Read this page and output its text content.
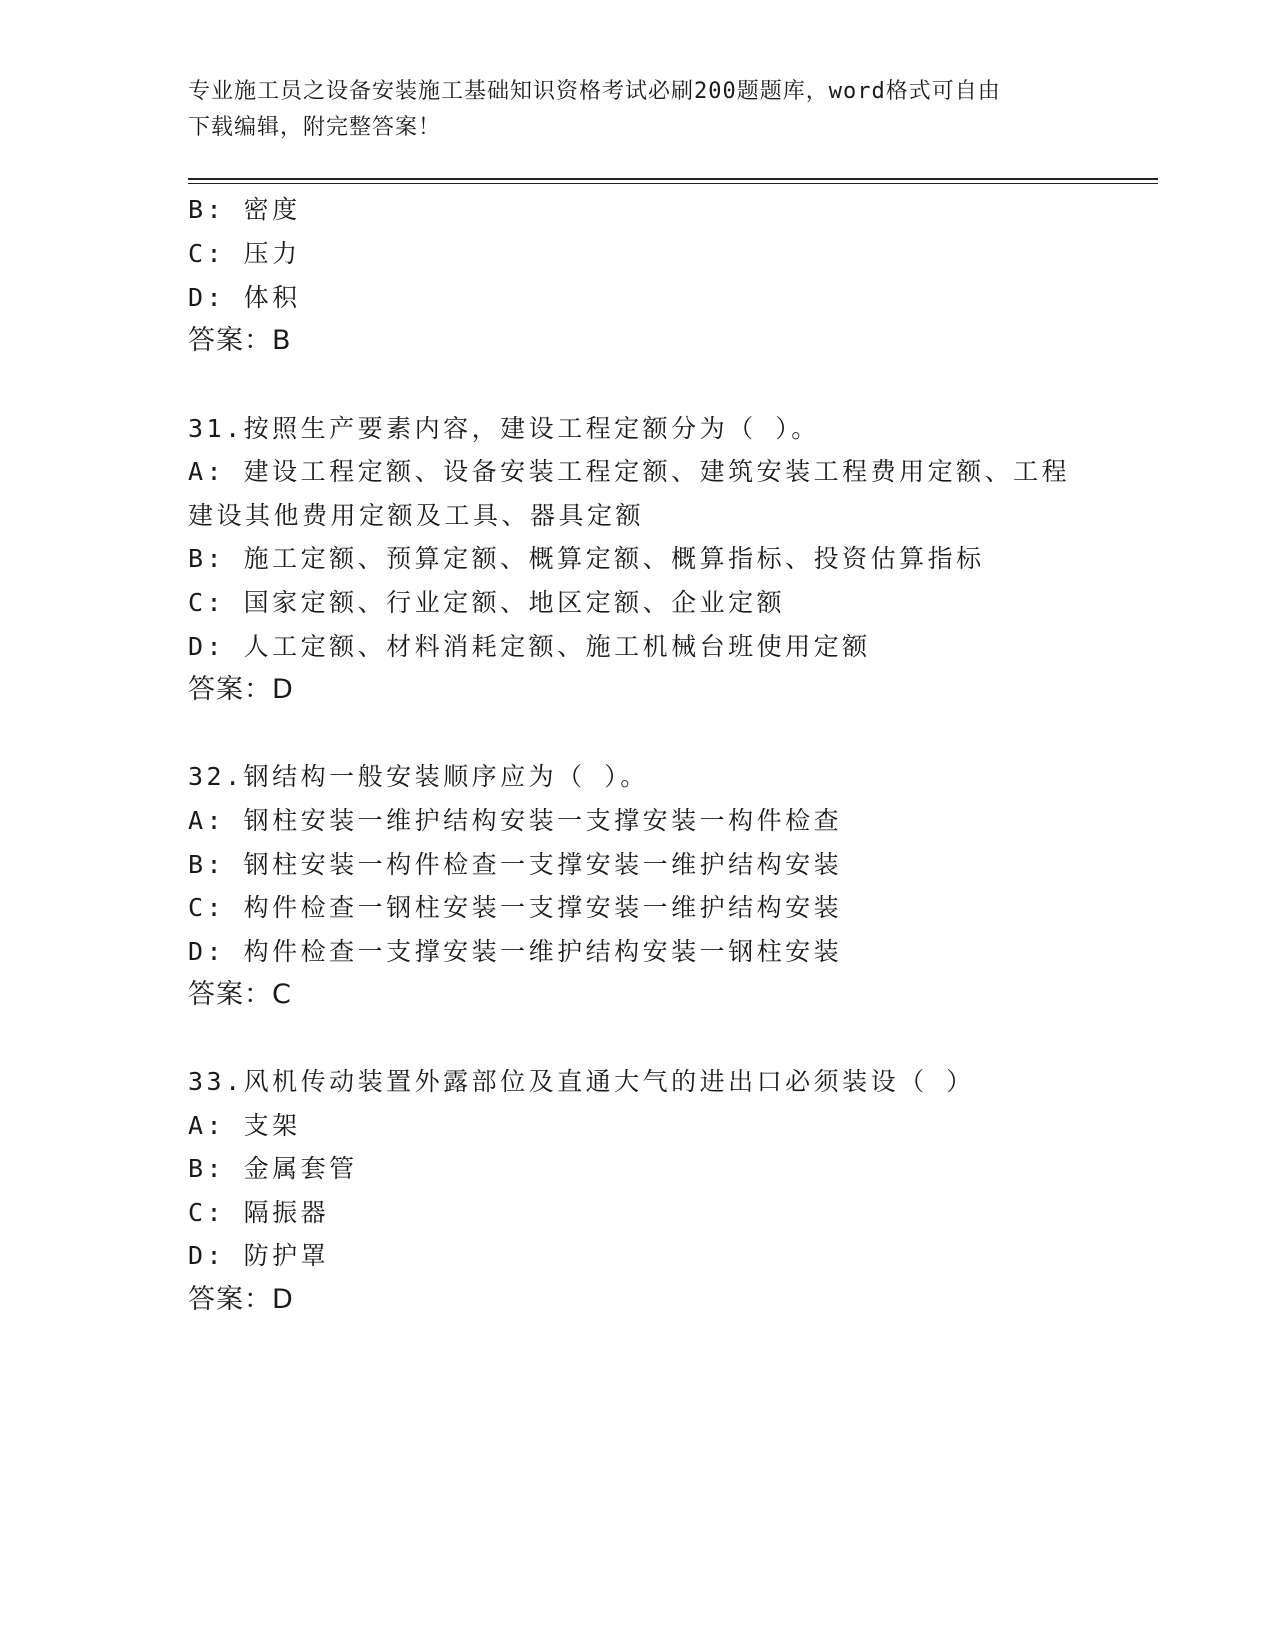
专业施工员之设备安装施工基础知识资格考试必刷200题题库，word格式可自由
下载编辑，附完整答案！
B: 密度
C: 压力
D: 体积
答案：B
31.按照生产要素内容，建设工程定额分为（ ）。
A: 建设工程定额、设备安装工程定额、建筑安装工程费用定额、工程
建设其他费用定额及工具、器具定额
B: 施工定额、预算定额、概算定额、概算指标、投资估算指标
C: 国家定额、行业定额、地区定额、企业定额
D: 人工定额、材料消耗定额、施工机械台班使用定额
答案：D
32.钢结构一般安装顺序应为（ ）。
A: 钢柱安装一维护结构安装一支撑安装一构件检查
B: 钢柱安装一构件检查一支撑安装一维护结构安装
C: 构件检查一钢柱安装一支撑安装一维护结构安装
D: 构件检查一支撑安装一维护结构安装一钢柱安装
答案：C
33.风机传动装置外露部位及直通大气的进出口必须装设（ ）
A: 支架
B: 金属套管
C: 隔振器
D: 防护罩
答案：D
